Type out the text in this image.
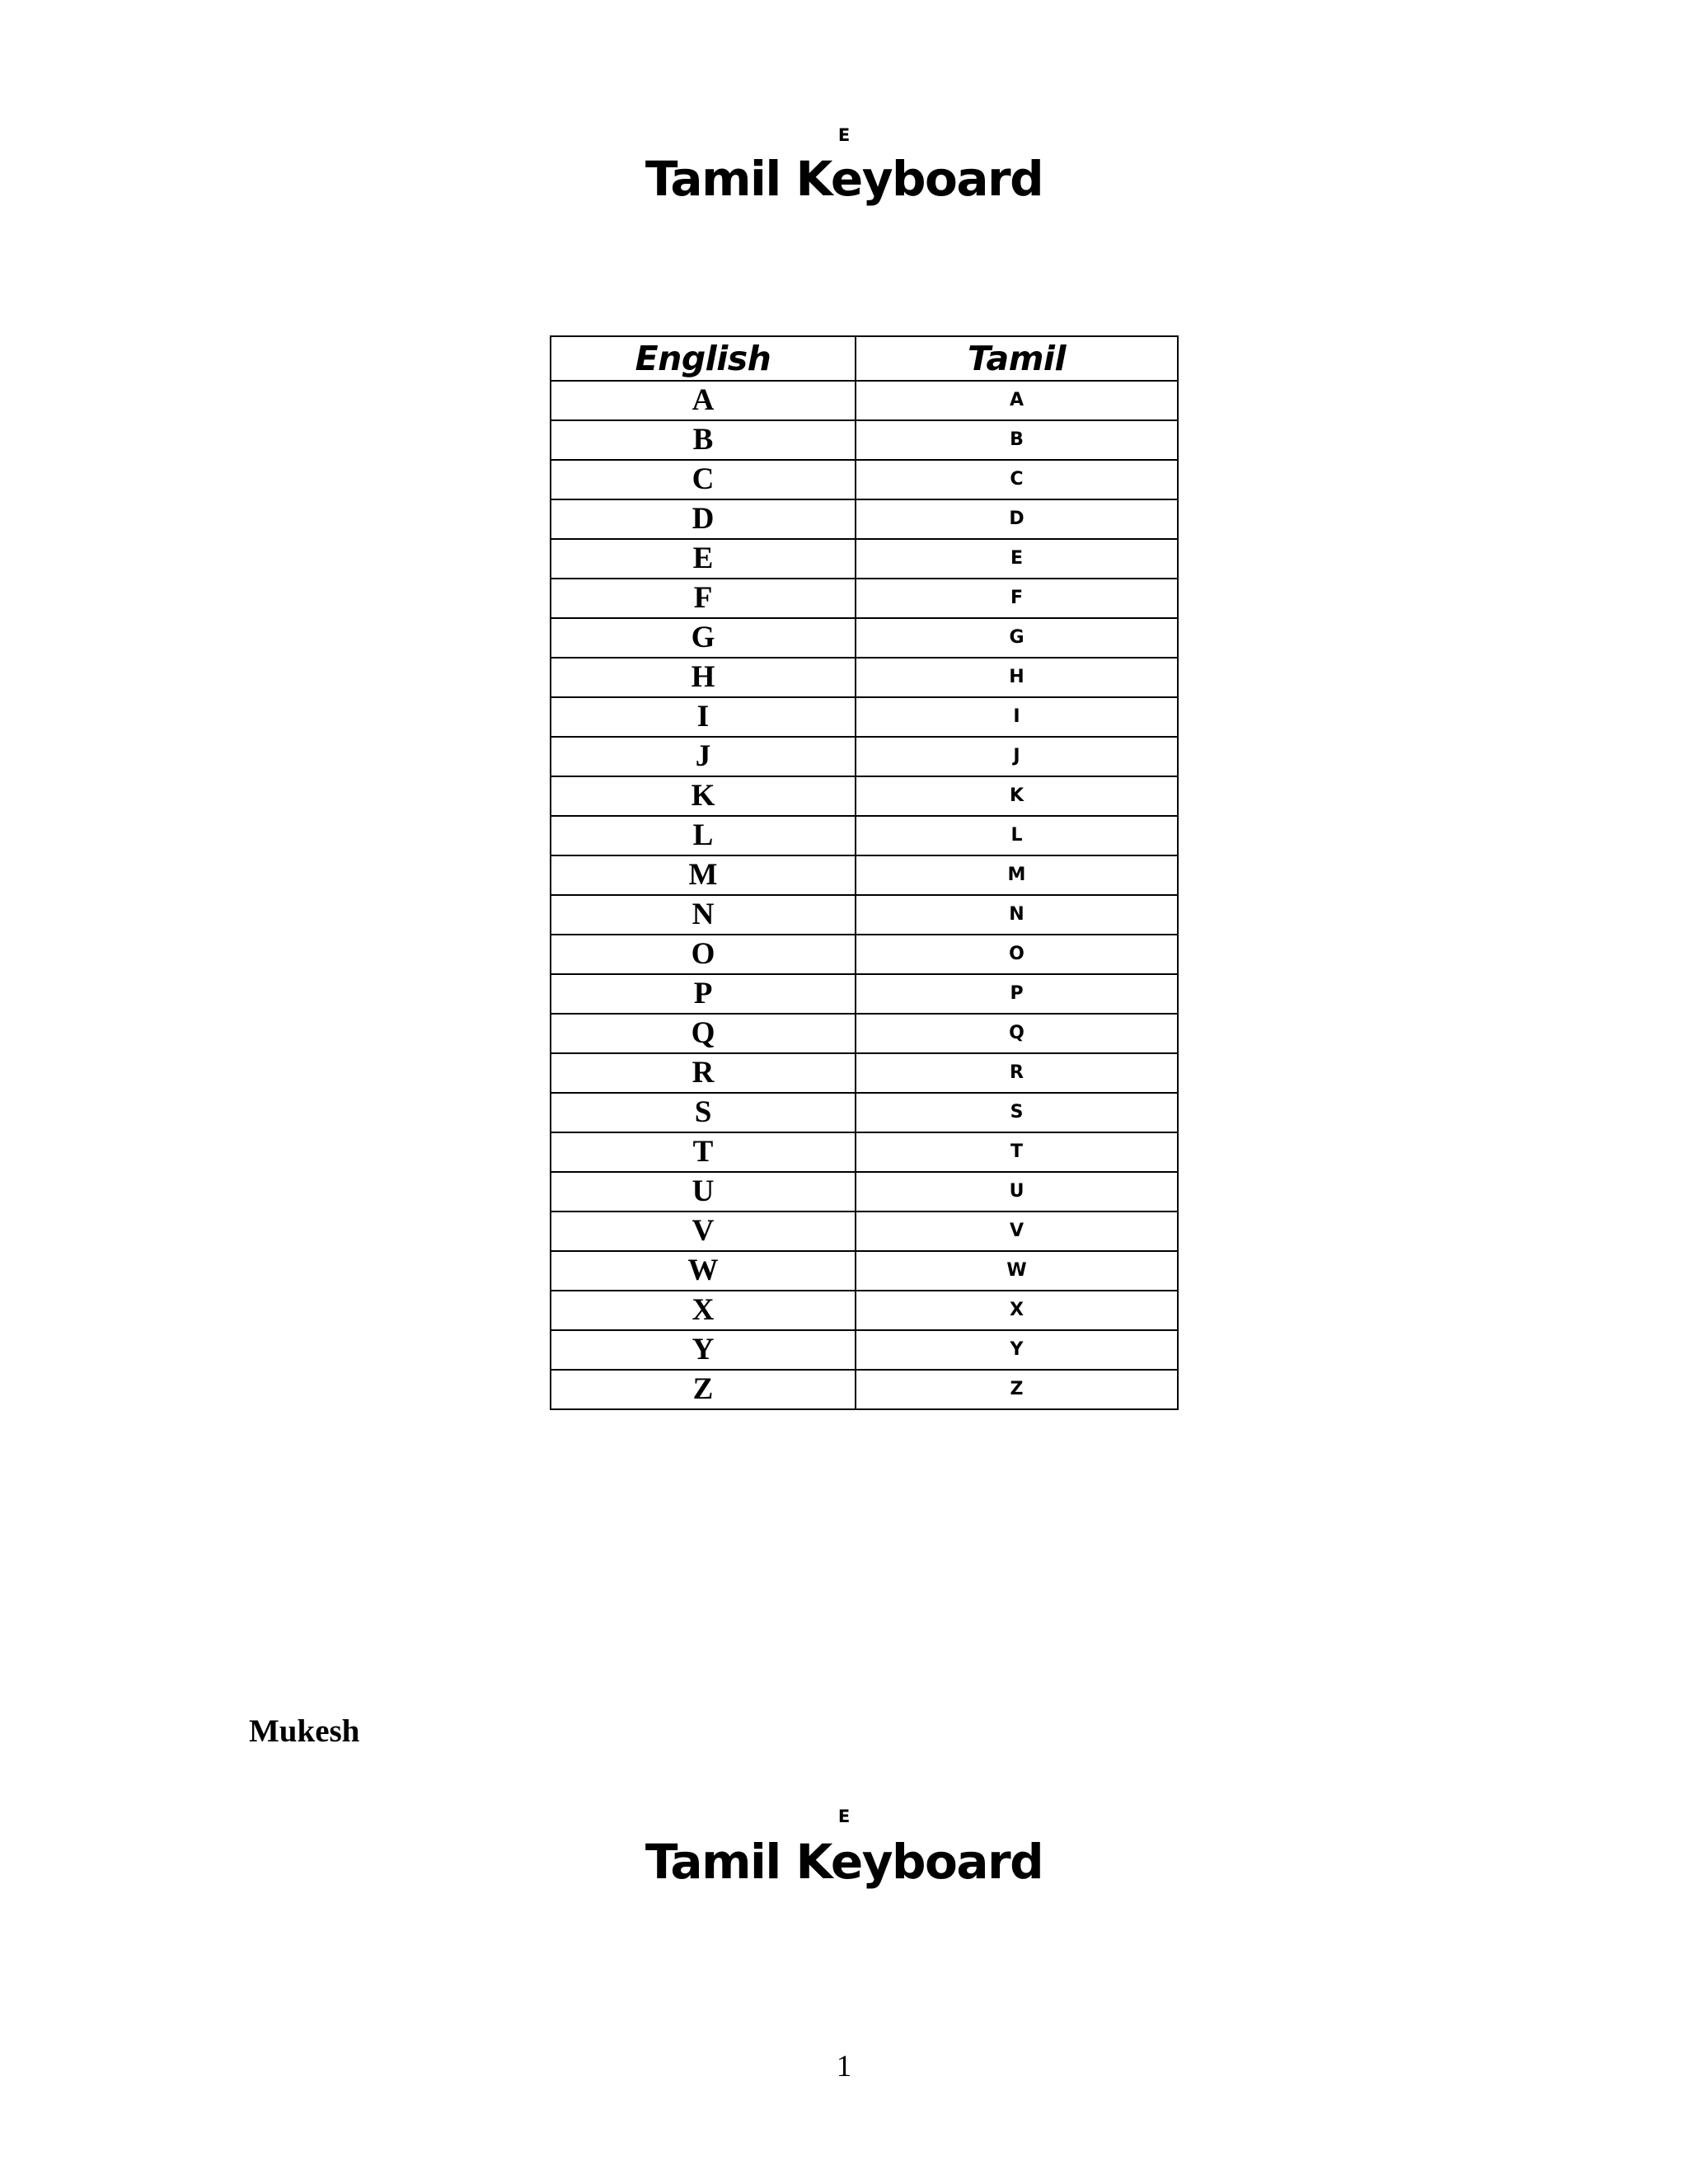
E
Tamil Keyboard
English	Tamil
A	A
B	B
C	C
D	D
E	E
F	F
G	G
H	H
I	I
J	J
K	K
L	L
M	M
N	N
O	O
P	P
Q	Q
R	R
S	S
T	T
U	U
V	V
W	W
X	X
Y	Y
Z	Z
Mukesh
E
Tamil Keyboard
1
